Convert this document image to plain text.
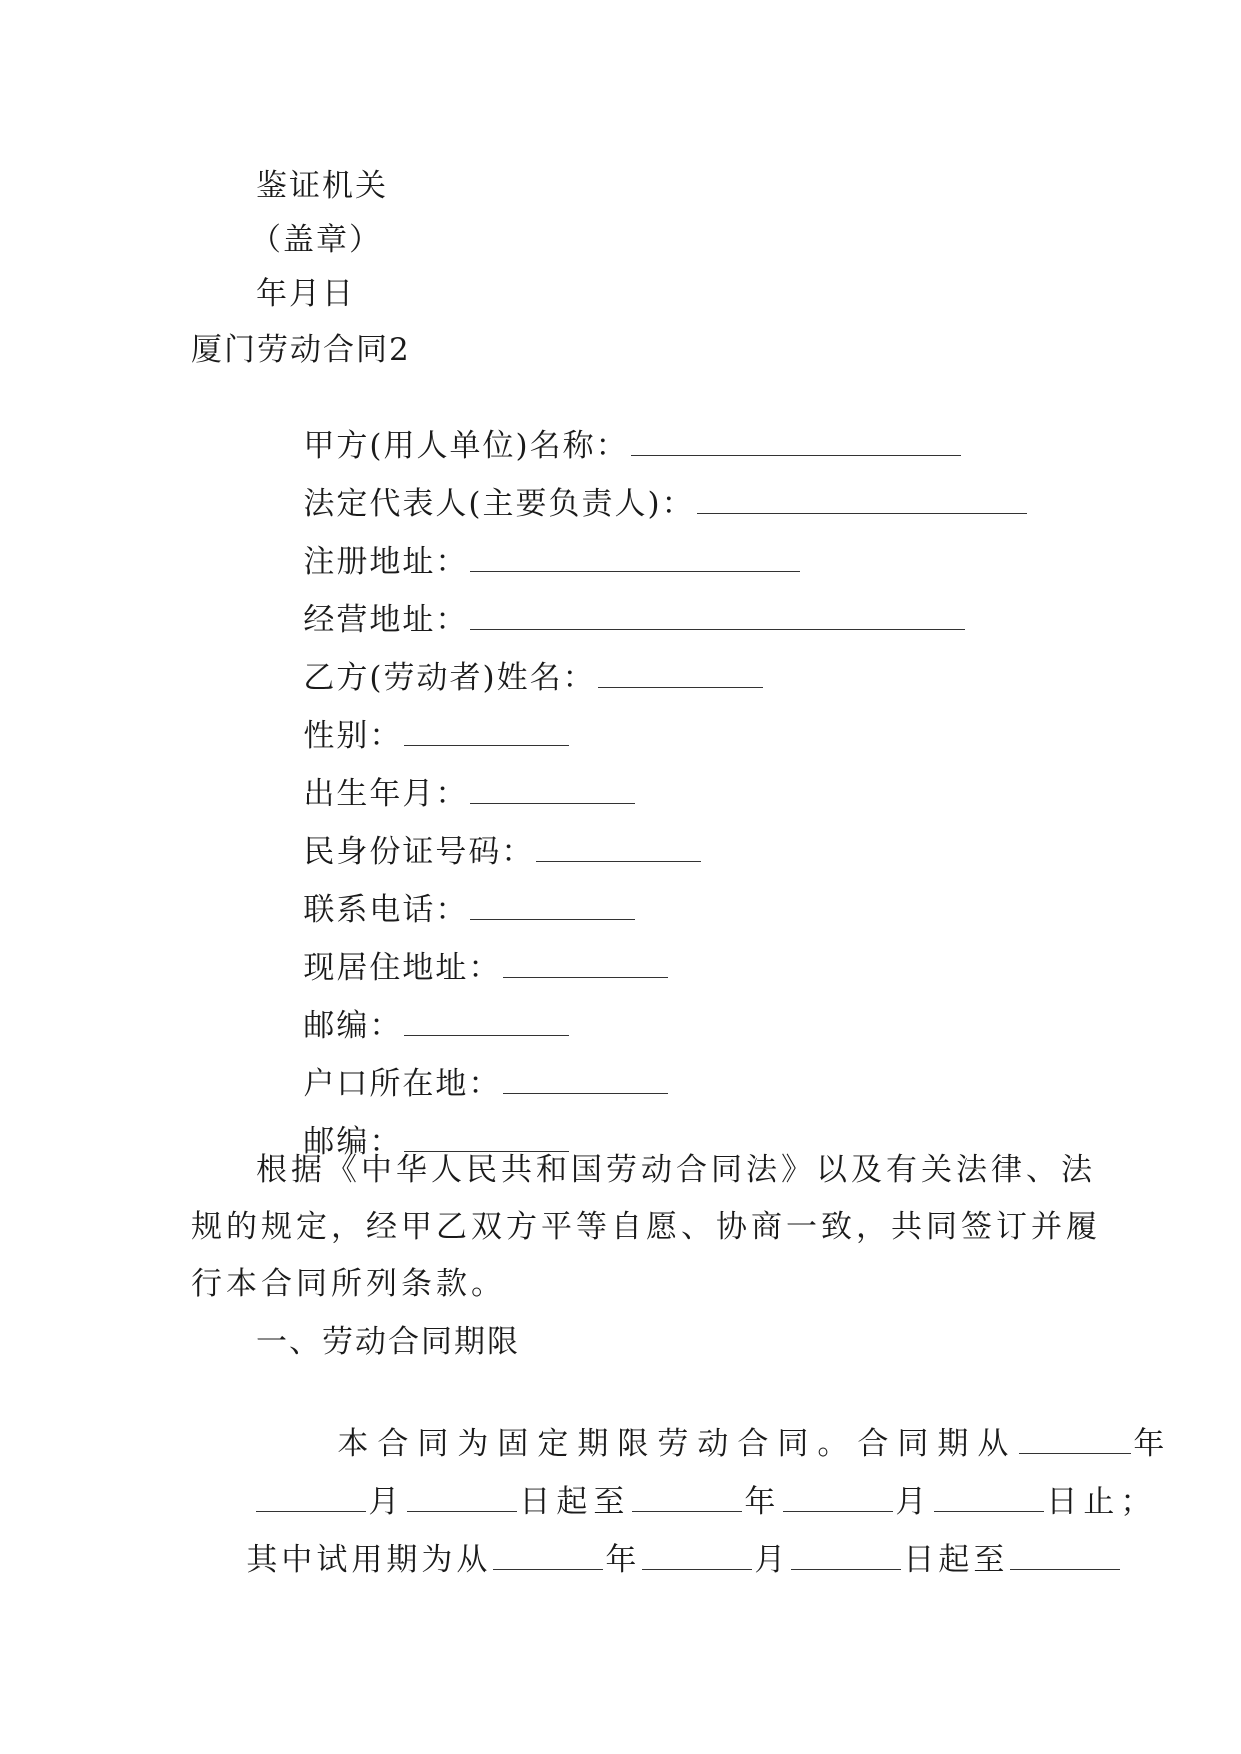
鉴证机关
（盖章）
年月日
厦门劳动合同2

甲方(用人单位)名称：

法定代表人(主要负责人)：

注册地址：

经营地址：

乙方(劳动者)姓名：

性别：

出生年月：

民身份证号码：

联系电话：

现居住地址：

邮编：

户口所在地：

邮编：

根据《中华人民共和国劳动合同法》以及有关法律、法
规的规定，经甲乙双方平等自愿、协商一致，共同签订并履
行本合同所列条款。
一、劳动合同期限

本合同为固定期限劳动合同。合同期从	年

月	日起至	年	月	日止；

其中试用期为从	年	月	日起至
